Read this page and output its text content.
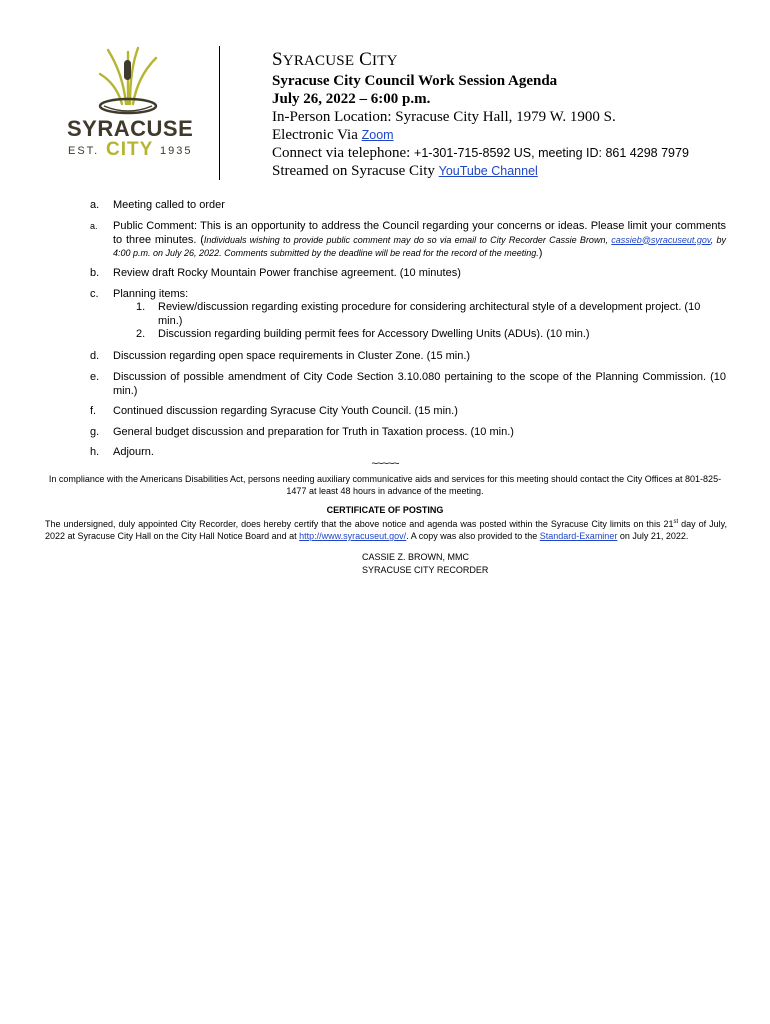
SYRACUSE
EST. CITY 1935
SYRACUSE CITY
Syracuse City Council Work Session Agenda
July 26, 2022 – 6:00 p.m.
In-Person Location: Syracuse City Hall, 1979 W. 1900 S.
Electronic Via Zoom
Connect via telephone: +1-301-715-8592 US, meeting ID: 861 4298 7979
Streamed on Syracuse City YouTube Channel
a. Meeting called to order
a. Public Comment: This is an opportunity to address the Council regarding your concerns or ideas. Please limit your comments to three minutes. (Individuals wishing to provide public comment may do so via email to City Recorder Cassie Brown, cassieb@syracuseut.gov, by 4:00 p.m. on July 26, 2022. Comments submitted by the deadline will be read for the record of the meeting.)
b. Review draft Rocky Mountain Power franchise agreement. (10 minutes)
c. Planning items:
1. Review/discussion regarding existing procedure for considering architectural style of a development project. (10 min.)
2. Discussion regarding building permit fees for Accessory Dwelling Units (ADUs). (10 min.)
d. Discussion regarding open space requirements in Cluster Zone. (15 min.)
e. Discussion of possible amendment of City Code Section 3.10.080 pertaining to the scope of the Planning Commission. (10 min.)
f. Continued discussion regarding Syracuse City Youth Council. (15 min.)
g. General budget discussion and preparation for Truth in Taxation process. (10 min.)
h. Adjourn.
~~~~~
In compliance with the Americans Disabilities Act, persons needing auxiliary communicative aids and services for this meeting should contact the City Offices at 801-825-1477 at least 48 hours in advance of the meeting.
CERTIFICATE OF POSTING
The undersigned, duly appointed City Recorder, does hereby certify that the above notice and agenda was posted within the Syracuse City limits on this 21st day of July, 2022 at Syracuse City Hall on the City Hall Notice Board and at http://www.syracuseut.gov/. A copy was also provided to the Standard-Examiner on July 21, 2022.
CASSIE Z. BROWN, MMC
SYRACUSE CITY RECORDER
